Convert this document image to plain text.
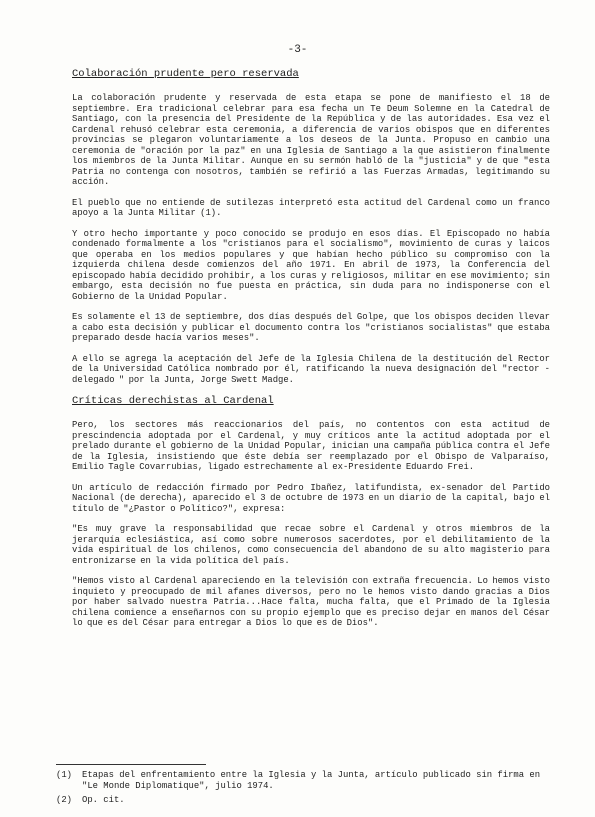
-3-
Colaboración prudente pero reservada

La colaboración prudente y reservada de esta etapa se pone de manifiesto el 18 de septiembre. Era tradicional celebrar para esa fecha un Te Deum Solemne en la Catedral de Santiago, con la presencia del Presidente de la República y de las autoridades. Esa vez el Cardenal rehusó celebrar esta ceremonia, a diferencia de varios obispos que en diferentes provincias se plegaron voluntariamente a los deseos de la Junta. Propuso en cambio una ceremonia de "oración por la paz" en una Iglesia de Santiago a la que asistieron finalmente los miembros de la Junta Militar. Aunque en su sermón habló de la "justicia" y de que "esta Patria no contenga con nosotros, también se refirió a las Fuerzas Armadas, legitimando su acción.

El pueblo que no entiende de sutilezas interpretó esta actitud del Cardenal como un franco apoyo a la Junta Militar (1).

Y otro hecho importante y poco conocido se produjo en esos días. El Episcopado no había condenado formalmente a los "cristianos para el socialismo", movimiento de curas y laicos que operaba en los medios populares y que habían hecho público su compromiso con la izquierda chilena desde comienzos del año 1971. En abril de 1973, la Conferencia del episcopado había decidido prohibir, a los curas y religiosos, militar en ese movimiento; sin embargo, esta decisión no fue puesta en práctica, sin duda para no indisponerse con el Gobierno de la Unidad Popular.

Es solamente el 13 de septiembre, dos días después del Golpe, que los obispos deciden llevar a cabo esta decisión y publicar el documento contra los "cristianos socialistas" que estaba preparado desde hacía varios meses".

A ello se agrega la aceptación del Jefe de la Iglesia Chilena de la destitución del Rector de la Universidad Católica nombrado por él, ratificando la nueva designación del "rector - delegado " por la Junta, Jorge Swett Madge.

Críticas derechistas al Cardenal

Pero, los sectores más reaccionarios del país, no contentos con esta actitud de prescindencia adoptada por el Cardenal, y muy críticos ante la actitud adoptada por el prelado durante el gobierno de la Unidad Popular, inician una campaña pública contra el Jefe de la Iglesia, insistiendo que éste debía ser reemplazado por el Obispo de Valparaíso, Emilio Tagle Covarrubias, ligado estrechamente al ex-Presidente Eduardo Frei.

Un artículo de redacción firmado por Pedro Ibañez, latifundista, ex-senador del Partido Nacional (de derecha), aparecido el 3 de octubre de 1973 en un diario de la capital, bajo el título de "¿Pastor o Político?", expresa:

"Es muy grave la responsabilidad que recae sobre el Cardenal y otros miembros de la jerarquía eclesiástica, así como sobre numerosos sacerdotes, por el debilitamiento de la vida espiritual de los chilenos, como consecuencia del abandono de su alto magisterio para entronizarse en la vida política del país.

"Hemos visto al Cardenal apareciendo en la televisión con extraña frecuencia. Lo hemos visto inquieto y preocupado de mil afanes diversos, pero no le hemos visto dando gracias a Dios por haber salvado nuestra Patria...Hace falta, mucha falta, que el Primado de la Iglesia chilena comience a enseñarnos con su propio ejemplo que es preciso dejar en manos del César lo que es del César para entregar a Dios lo que es de Dios".

(1)	Etapas del enfrentamiento entre la Iglesia y la Junta, artículo publicado sin firma en "Le Monde Diplomatique", julio 1974.
(2)	Op. cit.
